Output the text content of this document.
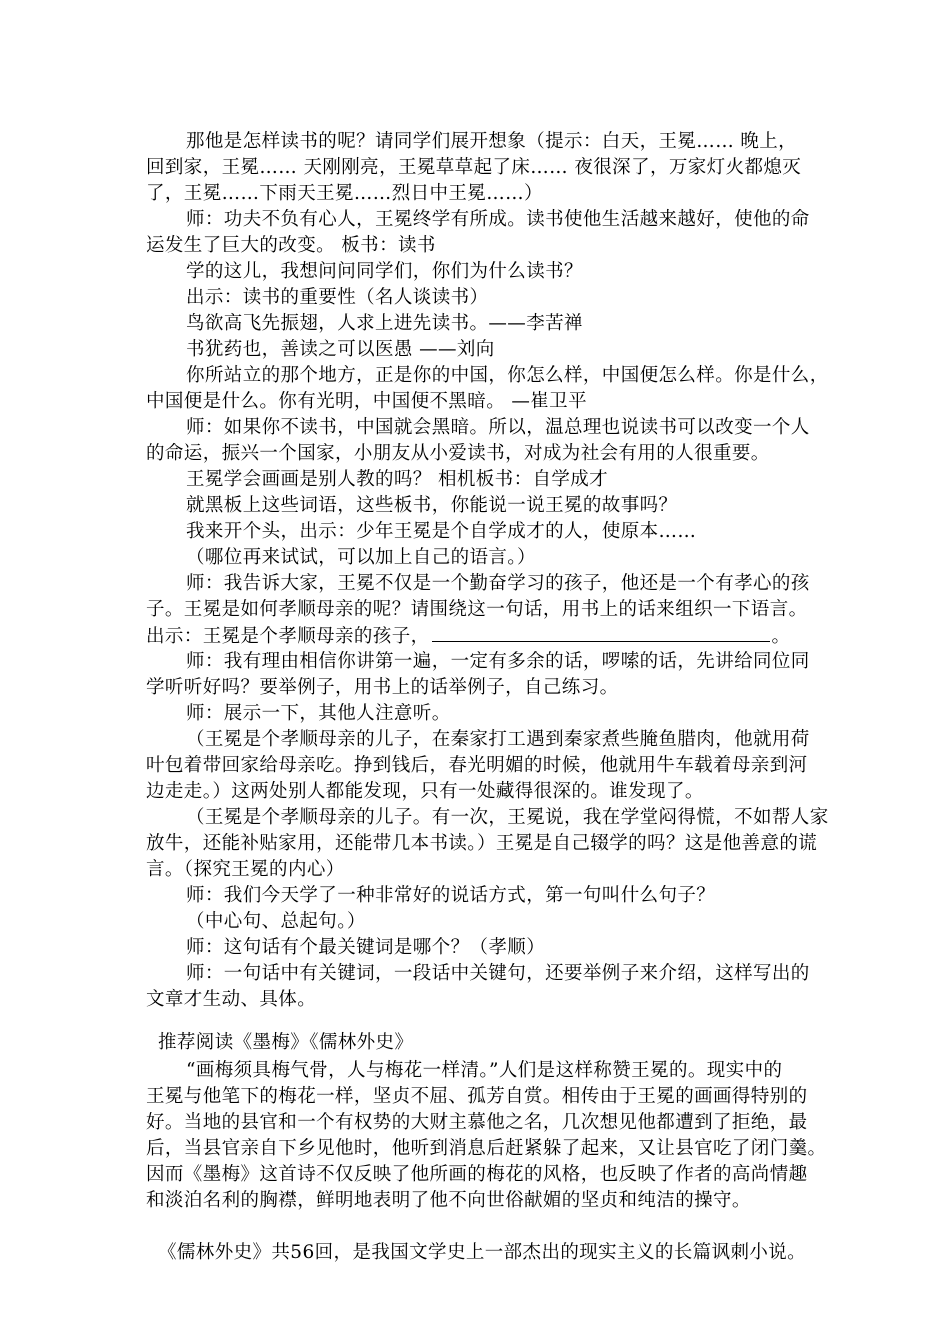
那他是怎样读书的呢？请同学们展开想象（提示：白天，王冕…… 晚上，
回到家，王冕…… 天刚刚亮，王冕草草起了床…… 夜很深了，万家灯火都熄灭
了，王冕……下雨天王冕……烈日中王冕……）
师：功夫不负有心人，王冕终学有所成。读书使他生活越来越好，使他的命
运发生了巨大的改变。 板书：读书
学的这儿，我想问问同学们，你们为什么读书？
出示：读书的重要性（名人谈读书）
鸟欲高飞先振翅，人求上进先读书。——李苦禅
书犹药也，善读之可以医愚 ——刘向
你所站立的那个地方，正是你的中国，你怎么样，中国便怎么样。你是什么，
中国便是什么。你有光明，中国便不黑暗。 —崔卫平
师：如果你不读书，中国就会黑暗。所以，温总理也说读书可以改变一个人
的命运，振兴一个国家，小朋友从小爱读书，对成为社会有用的人很重要。
王冕学会画画是别人教的吗？ 相机板书：自学成才
就黑板上这些词语，这些板书，你能说一说王冕的故事吗？
我来开个头，出示：少年王冕是个自学成才的人，使原本……
（哪位再来试试，可以加上自己的语言。）
师：我告诉大家，王冕不仅是一个勤奋学习的孩子，他还是一个有孝心的孩
子。王冕是如何孝顺母亲的呢？请围绕这一句话，用书上的话来组织一下语言。
出示：王冕是个孝顺母亲的孩子，	。
师：我有理由相信你讲第一遍，一定有多余的话，啰嗦的话，先讲给同位同
学听听好吗？要举例子，用书上的话举例子，自己练习。
师：展示一下，其他人注意听。
（王冕是个孝顺母亲的儿子，在秦家打工遇到秦家煮些腌鱼腊肉，他就用荷
叶包着带回家给母亲吃。挣到钱后，春光明媚的时候，他就用牛车载着母亲到河
边走走。）这两处别人都能发现，只有一处藏得很深的。谁发现了。
（王冕是个孝顺母亲的儿子。有一次，王冕说，我在学堂闷得慌，不如帮人家
放牛，还能补贴家用，还能带几本书读。）王冕是自己辍学的吗？这是他善意的谎
言。（探究王冕的内心）
师：我们今天学了一种非常好的说话方式，第一句叫什么句子？
（中心句、总起句。）
师：这句话有个最关键词是哪个？（孝顺）
师：一句话中有关键词，一段话中关键句，还要举例子来介绍，这样写出的
文章才生动、具体。
推荐阅读《墨梅》《儒林外史》
“画梅须具梅气骨，人与梅花一样清。”人们是这样称赞王冕的。现实中的
王冕与他笔下的梅花一样，坚贞不屈、孤芳自赏。相传由于王冕的画画得特别的
好。当地的县官和一个有权势的大财主慕他之名，几次想见他都遭到了拒绝，最
后，当县官亲自下乡见他时，他听到消息后赶紧躲了起来，又让县官吃了闭门羹。
因而《墨梅》这首诗不仅反映了他所画的梅花的风格，也反映了作者的高尚情趣
和淡泊名利的胸襟，鲜明地表明了他不向世俗献媚的坚贞和纯洁的操守。
《儒林外史》共56回，是我国文学史上一部杰出的现实主义的长篇讽刺小说。
